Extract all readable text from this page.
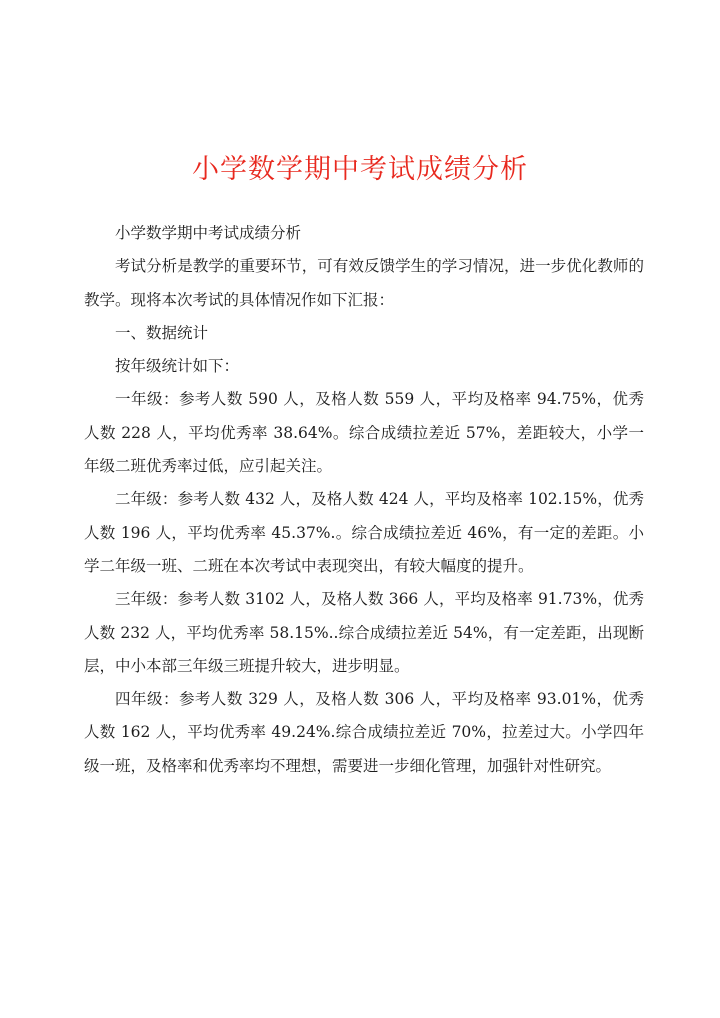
小学数学期中考试成绩分析

小学数学期中考试成绩分析

考试分析是教学的重要环节，可有效反馈学生的学习情况，进一步优化教师的教学。现将本次考试的具体情况作如下汇报：

一、数据统计

按年级统计如下：

一年级：参考人数 590 人，及格人数 559 人，平均及格率 94.75%，优秀人数 228 人，平均优秀率 38.64%。综合成绩拉差近 57%，差距较大，小学一年级二班优秀率过低，应引起关注。

二年级：参考人数 432 人，及格人数 424 人，平均及格率 102.15%，优秀人数 196 人，平均优秀率 45.37%.。综合成绩拉差近 46%，有一定的差距。小学二年级一班、二班在本次考试中表现突出，有较大幅度的提升。

三年级：参考人数 3102 人，及格人数 366 人，平均及格率 91.73%，优秀人数 232 人，平均优秀率 58.15%..综合成绩拉差近 54%，有一定差距，出现断层，中小本部三年级三班提升较大，进步明显。

四年级：参考人数 329 人，及格人数 306 人，平均及格率 93.01%，优秀人数 162 人，平均优秀率 49.24%.综合成绩拉差近 70%，拉差过大。小学四年级一班，及格率和优秀率均不理想，需要进一步细化管理，加强针对性研究。
